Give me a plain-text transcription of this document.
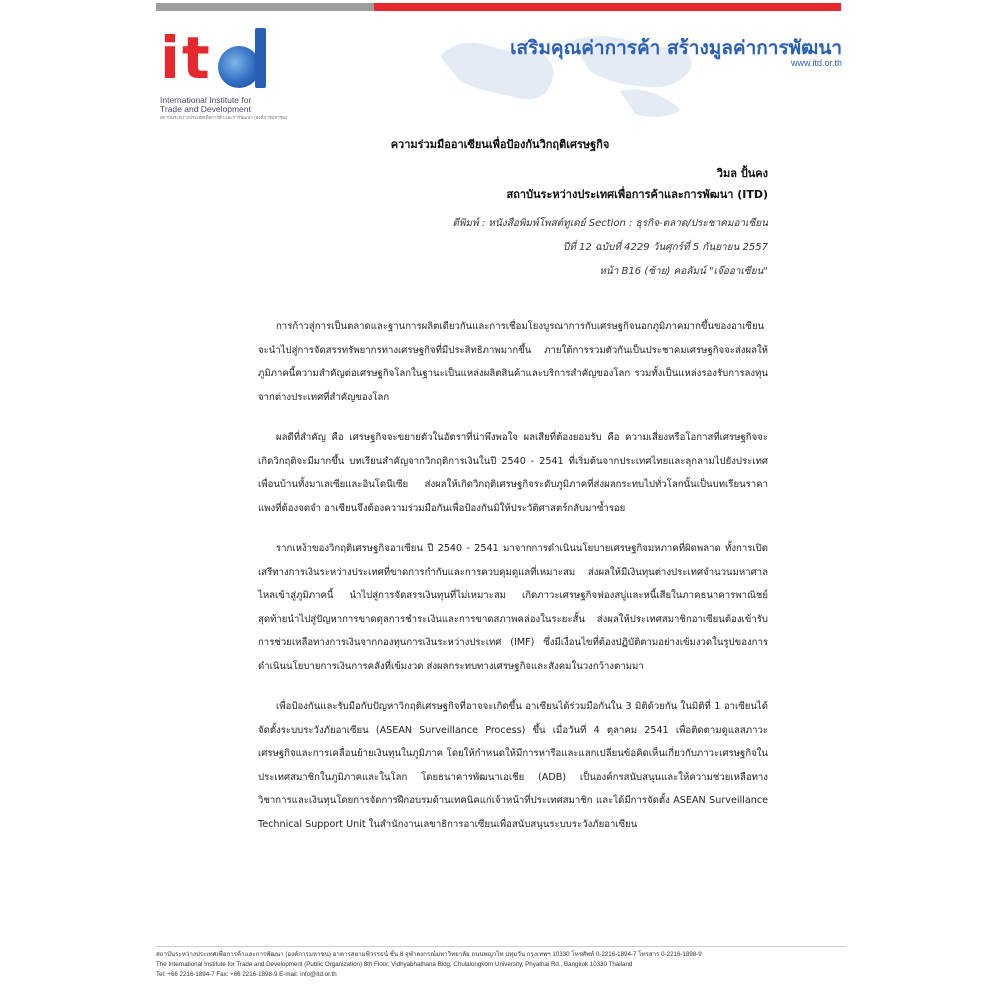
i t
International Institute for
Trade and Development
สถาบันระหว่างประเทศเพื่อการค้าและการพัฒนา (องค์การมหาชน)
เสริมคุณค่าการค้า สร้างมูลค่าการพัฒนา
www.itd.or.th
ความร่วมมืออาเซียนเพื่อป้องกันวิกฤติเศรษฐกิจ
วิมล ปั้นคง
สถาบันระหว่างประเทศเพื่อการค้าและการพัฒนา (ITD)
ตีพิมพ์ : หนังสือพิมพ์โพสต์ทูเดย์ Section : ธุรกิจ-ตลาด/ประชาคมอาเซียน
ปีที่ 12 ฉบับที่ 4229 วันศุกร์ที่ 5 กันยายน 2557
หน้า B16 (ซ้าย) คอลัมน์ "เจ๊ออาเซียน"

การก้าวสู่การเป็นตลาดและฐานการผลิตเดียวกันและการเชื่อมโยงบูรณาการกับเศรษฐกิจนอกภูมิภาคมากขึ้นของอาเซียนจะนำไปสู่การจัดสรรทรัพยากรทางเศรษฐกิจที่มีประสิทธิภาพมากขึ้น ภายใต้การรวมตัวกันเป็นประชาคมเศรษฐกิจจะส่งผลให้ภูมิภาคนี้ความสำคัญต่อเศรษฐกิจโลกในฐานะเป็นแหล่งผลิตสินค้าและบริการสำคัญของโลก รวมทั้งเป็นแหล่งรองรับการลงทุนจากต่างประเทศที่สำคัญของโลก

ผลดีที่สำคัญ คือ เศรษฐกิจจะขยายตัวในอัตราที่น่าพึงพอใจ ผลเสียที่ต้องยอมรับ คือ ความเสี่ยงหรือโอกาสที่เศรษฐกิจจะเกิดวิกฤติจะมีมากขึ้น บทเรียนสำคัญจากวิกฤติการเงินในปี 2540 - 2541 ที่เริ่มต้นจากประเทศไทยและลุกลามไปยังประเทศเพื่อนบ้านทั้งมาเลเซียและอินโดนีเซีย ส่งผลให้เกิดวิกฤติเศรษฐกิจระดับภูมิภาคที่ส่งผลกระทบไปทั่วโลกนั้นเป็นบทเรียนราคาแพงที่ต้องจดจำ อาเซียนจึงต้องความร่วมมือกันเพื่อป้องกันมิให้ประวัติศาสตร์กลับมาซ้ำรอย

รากเหง้าของวิกฤติเศรษฐกิจอาเซียน ปี 2540 - 2541 มาจากการดำเนินนโยบายเศรษฐกิจมหภาคที่ผิดพลาด ทั้งการเปิดเสรีทางการเงินระหว่างประเทศที่ขาดการกำกับและการควบคุมดูแลที่เหมาะสม ส่งผลให้มีเงินทุนต่างประเทศจำนวนมหาศาลไหลเข้าสู่ภูมิภาคนี้ นำไปสู่การจัดสรรเงินทุนที่ไม่เหมาะสม เกิดภาวะเศรษฐกิจฟองสบู่และหนี้เสียในภาคธนาคารพาณิชย์ สุดท้ายนำไปสู่ปัญหาการขาดดุลการชำระเงินและการขาดสภาพคล่องในระยะสั้น ส่งผลให้ประเทศสมาชิกอาเซียนต้องเข้ารับการช่วยเหลือทางการเงินจากกองทุนการเงินระหว่างประเทศ (IMF) ซึ่งมีเงื่อนไขที่ต้องปฏิบัติตามอย่างเข้มงวดในรูปของการดำเนินนโยบายการเงินการคลังที่เข้มงวด ส่งผลกระทบทางเศรษฐกิจและสังคมในวงกว้างตามมา

เพื่อป้องกันและรับมือกับปัญหาวิกฤติเศรษฐกิจที่อาจจะเกิดขึ้น อาเซียนได้ร่วมมือกันใน 3 มิติด้วยกัน ในมิติที่ 1 อาเซียนได้จัดตั้งระบบระวังภัยอาเซียน (ASEAN Surveillance Process) ขึ้น เมื่อวันที่ 4 ตุลาคม 2541 เพื่อติดตามดูแลสภาวะเศรษฐกิจและการเคลื่อนย้ายเงินทุนในภูมิภาค โดยให้กำหนดให้มีการหารือและแลกเปลี่ยนข้อคิดเห็นเกี่ยวกับภาวะเศรษฐกิจในประเทศสมาชิกในภูมิภาคและในโลก โดยธนาคารพัฒนาเอเชีย (ADB) เป็นองค์กรสนับสนุนและให้ความช่วยเหลือทางวิชาการและเงินทุนโดยการจัดการฝึกอบรมด้านเทคนิคแก่เจ้าหน้าที่ประเทศสมาชิก และได้มีการจัดตั้ง ASEAN Surveillance Technical Support Unit ในสำนักงานเลขาธิการอาเซียนเพื่อสนับสนุนระบบระวังภัยอาเซียน

สถาบันระหว่างประเทศเพื่อการค้าและการพัฒนา (องค์การมหาชน) อาคารสยามพิวรรธน์ ชั้น 8 จุฬาลงกรณ์มหาวิทยาลัย ถนนพญาไท ปทุมวัน กรุงเทพฯ 10330 โทรศัพท์ 0-2216-1894-7 โทรสาร 0-2216-1898-9
The International Institute for Trade and Development (Public Organization) 8th Floor, Vidhyabhathana Bldg, Chulalongkorn University, Phyathai Rd., Bangkok 10330 Thailand
Tel: +66 2216-1894-7 Fax: +66 2216-1898-9 E-mail: info@itd.or.th
